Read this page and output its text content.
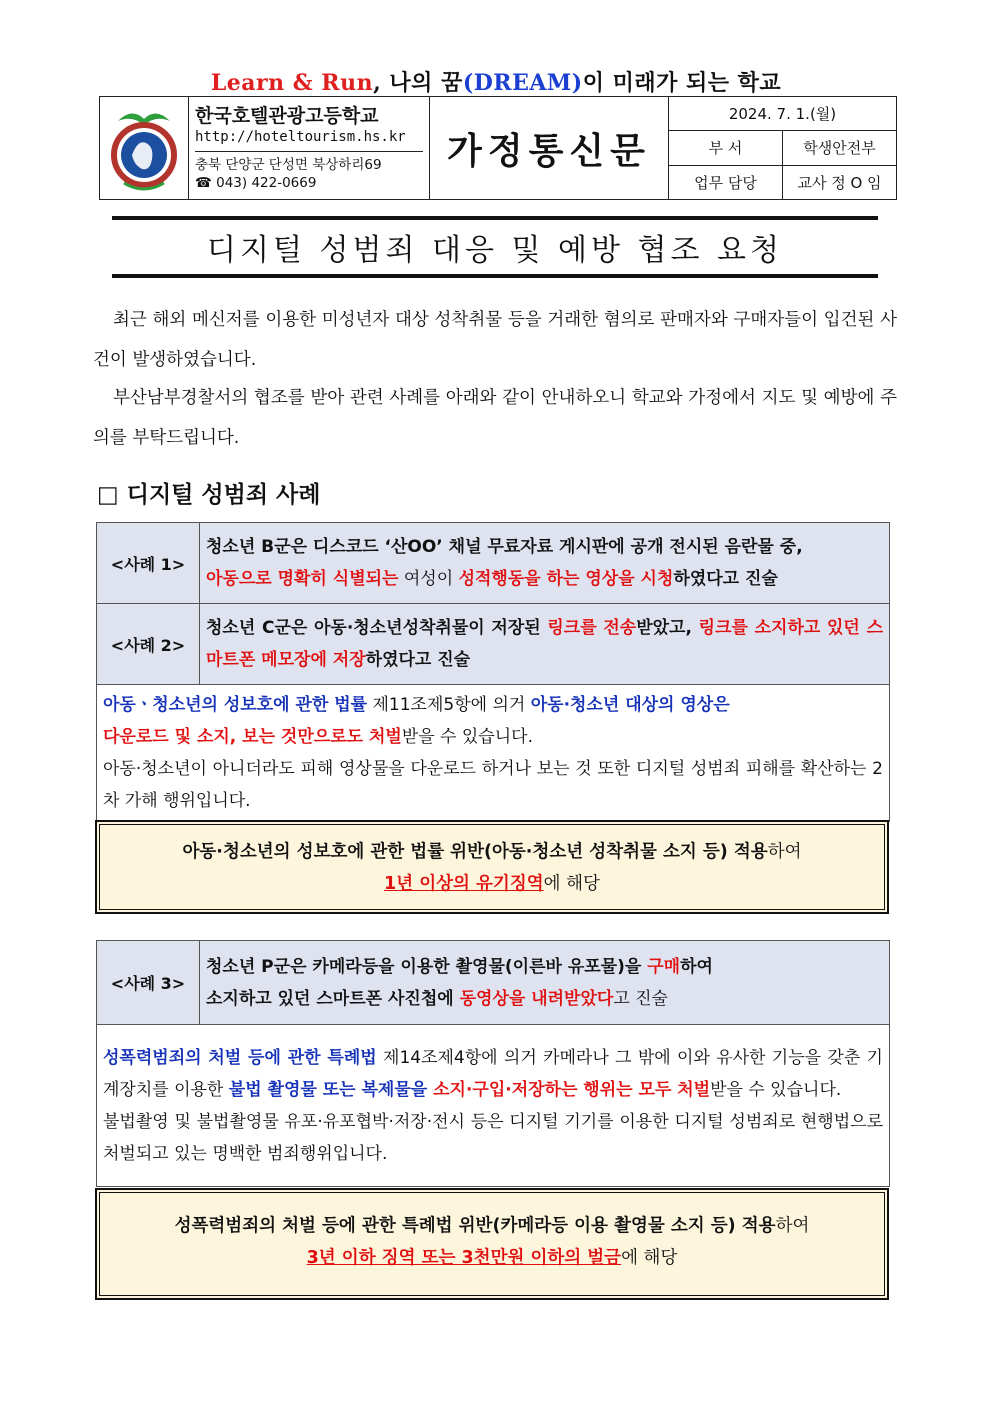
Learn & Run, 나의 꿈(DREAM)이 미래가 되는 학교

한국호텔관광고등학교
http://hoteltourism.hs.kr
충북 단양군 단성면 북상하리69
☎ 043) 422-0669	가정통신문	2024. 7. 1.(월)	
			부 서	학생안전부
			업무 담당	교사 정 O 임
디지털 성범죄 대응 및 예방 협조 요청
최근 해외 메신저를 이용한 미성년자 대상 성착취물 등을 거래한 혐의로 판매자와 구매자들이 입건된 사건이 발생하였습니다.
부산남부경찰서의 협조를 받아 관련 사례를 아래와 같이 안내하오니 학교와 가정에서 지도 및 예방에 주의를 부탁드립니다.
□ 디지털 성범죄 사례
<사례 1>	청소년 B군은 디스코드 ‘산OO’ 채널 무료자료 게시판에 공개 전시된 음란물 중,
아동으로 명확히 식별되는 여성이 성적행동을 하는 영상을 시청하였다고 진술
<사례 2>	청소년 C군은 아동·청소년성착취물이 저장된 링크를 전송받았고, 링크를 소지하고 있던 스마트폰 메모장에 저장하였다고 진술
아동ㆍ청소년의 성보호에 관한 법률 제11조제5항에 의거 아동·청소년 대상의 영상은
다운로드 및 소지, 보는 것만으로도 처벌받을 수 있습니다.
아동·청소년이 아니더라도 피해 영상물을 다운로드 하거나 보는 것 또한 디지털 성범죄 피해를 확산하는 2차 가해 행위입니다.	
아동·청소년의 성보호에 관한 법률 위반(아동·청소년 성착취물 소지 등) 적용하여
1년 이상의 유기징역에 해당
<사례 3>	청소년 P군은 카메라등을 이용한 촬영물(이른바 유포물)을 구매하여
소지하고 있던 스마트폰 사진첩에 동영상을 내려받았다고 진술
성폭력범죄의 처벌 등에 관한 특례법 제14조제4항에 의거 카메라나 그 밖에 이와 유사한 기능을 갖춘 기계장치를 이용한 불법 촬영물 또는 복제물을 소지·구입·저장하는 행위는 모두 처벌받을 수 있습니다.
불법촬영 및 불법촬영물 유포·유포협박·저장·전시 등은 디지털 기기를 이용한 디지털 성범죄로 현행법으로 처벌되고 있는 명백한 범죄행위입니다.
성폭력범죄의 처벌 등에 관한 특례법 위반(카메라등 이용 촬영물 소지 등) 적용하여
3년 이하 징역 또는 3천만원 이하의 벌금에 해당
